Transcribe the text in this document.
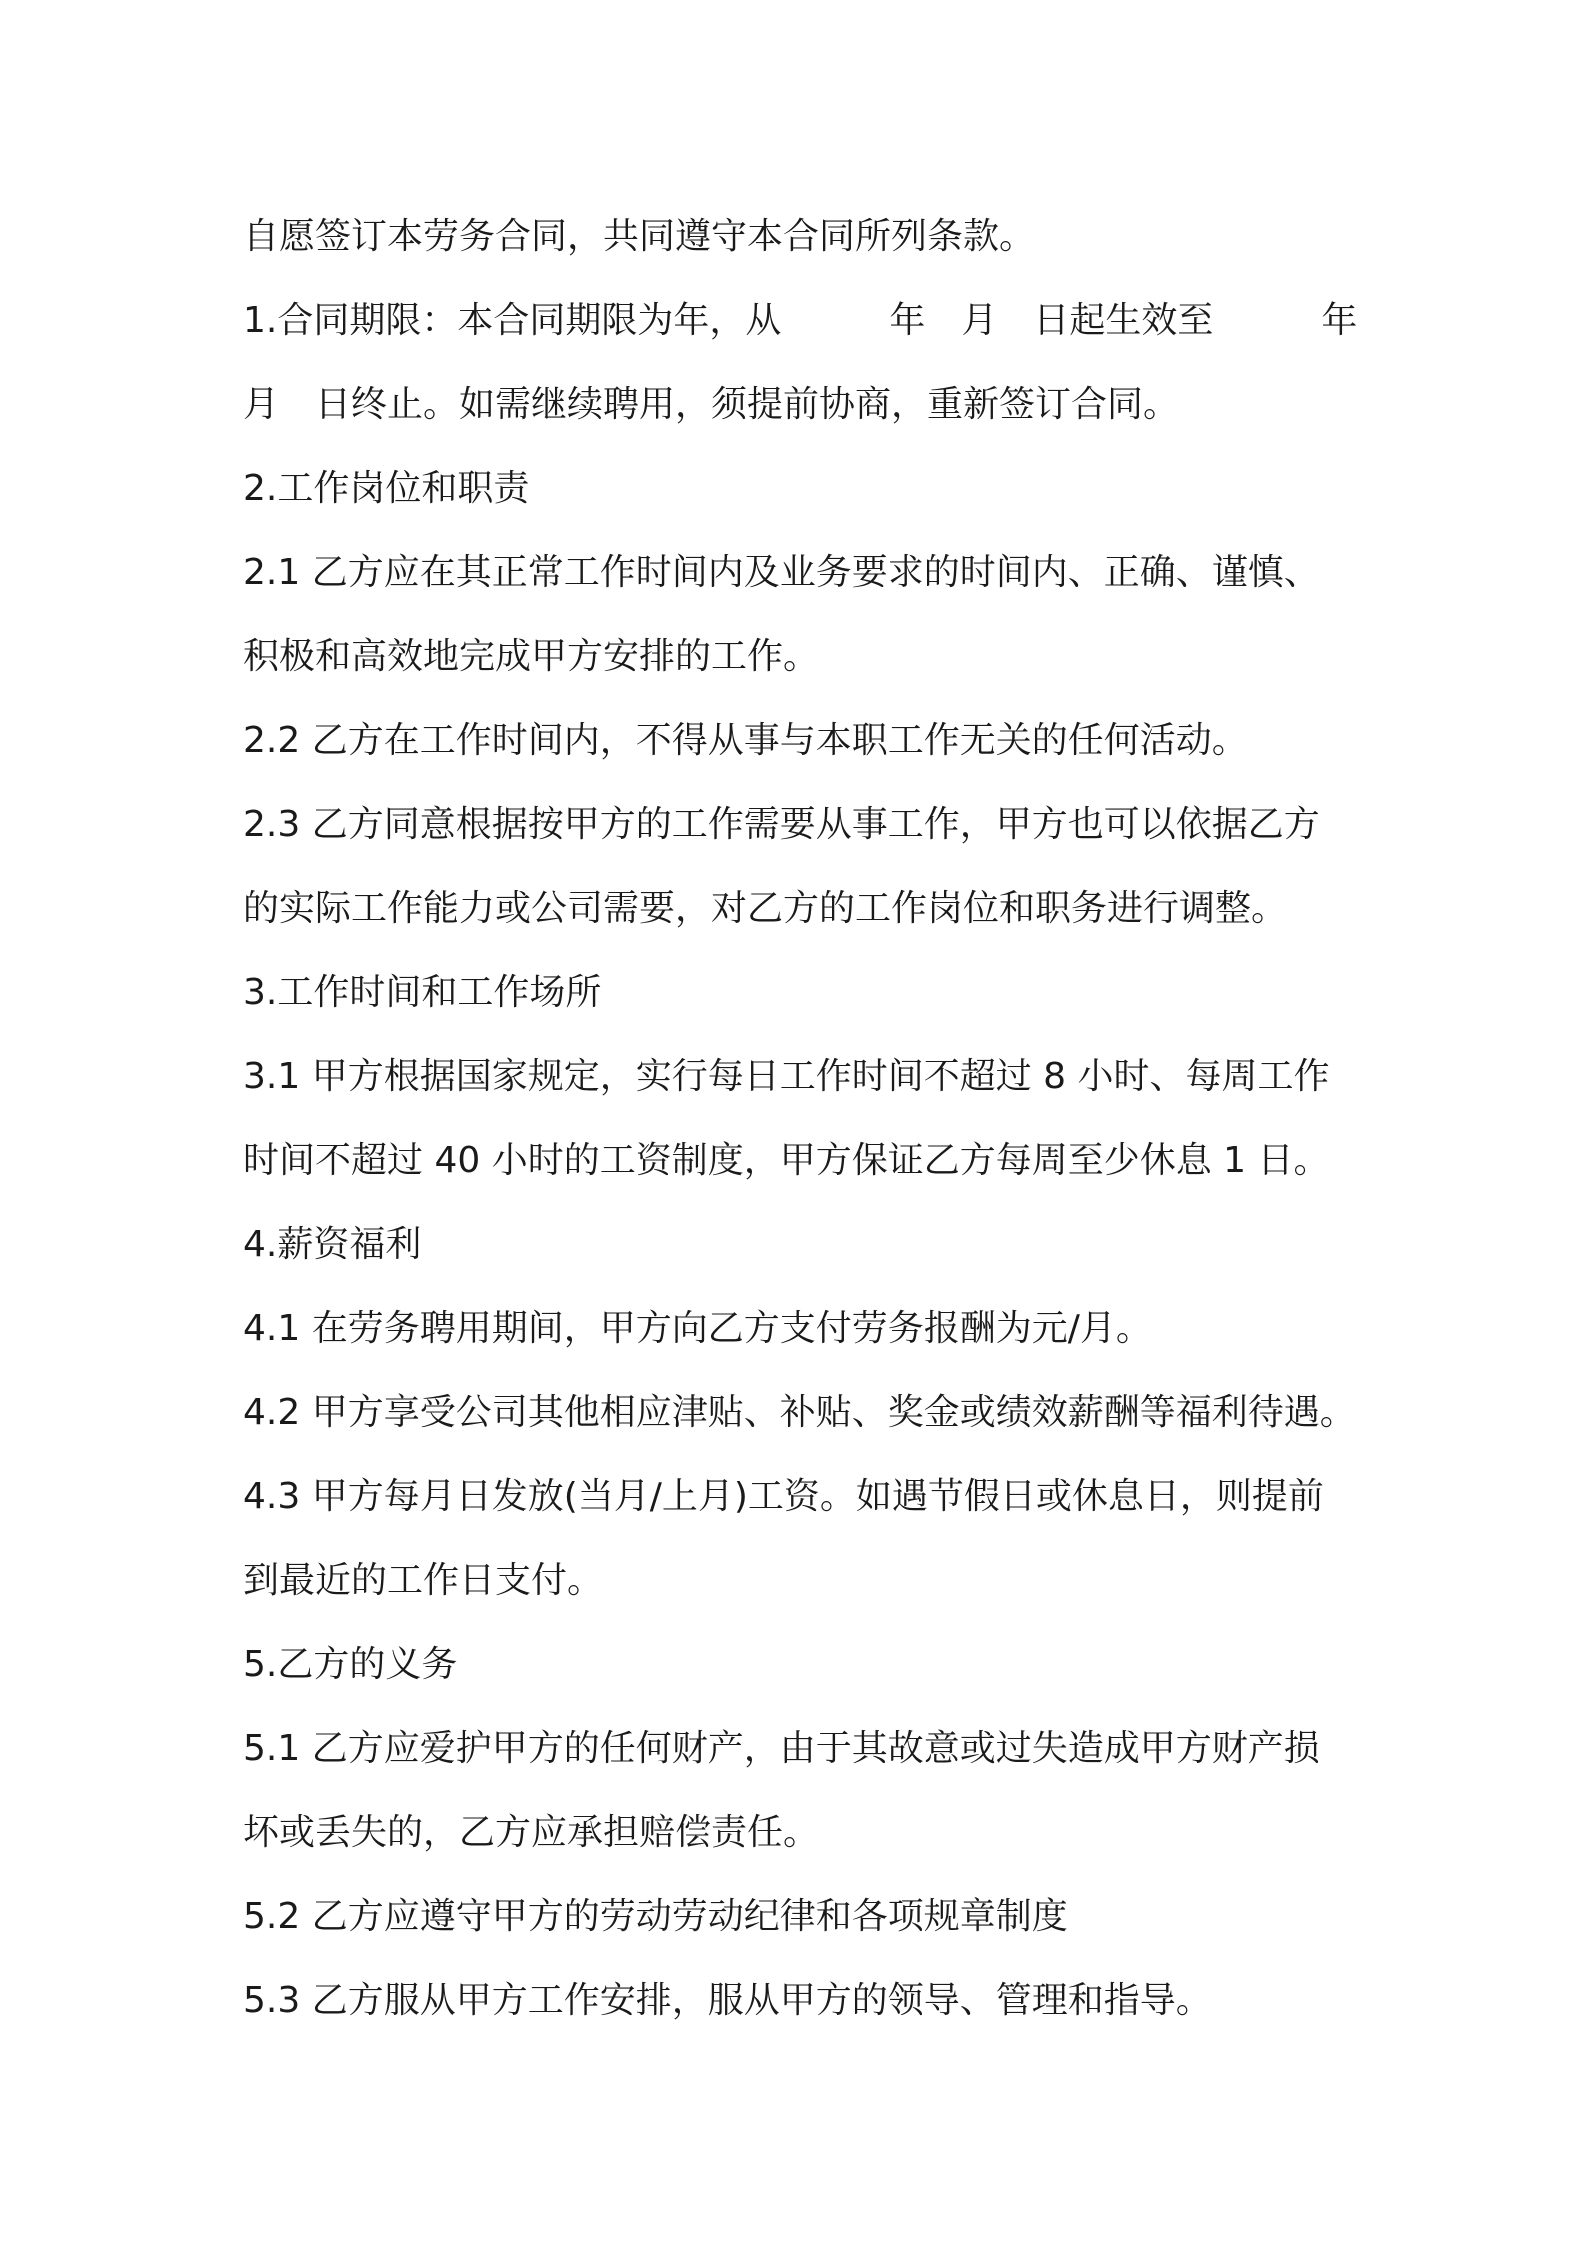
自愿签订本劳务合同，共同遵守本合同所列条款。
1.合同期限：本合同期限为年，从　　　年　月　日起生效至　　　年
月　日终止。如需继续聘用，须提前协商，重新签订合同。
2.工作岗位和职责
2.1 乙方应在其正常工作时间内及业务要求的时间内、正确、谨慎、
积极和高效地完成甲方安排的工作。
2.2 乙方在工作时间内，不得从事与本职工作无关的任何活动。
2.3 乙方同意根据按甲方的工作需要从事工作，甲方也可以依据乙方
的实际工作能力或公司需要，对乙方的工作岗位和职务进行调整。
3.工作时间和工作场所
3.1 甲方根据国家规定，实行每日工作时间不超过 8 小时、每周工作
时间不超过 40 小时的工资制度，甲方保证乙方每周至少休息 1 日。
4.薪资福利
4.1 在劳务聘用期间，甲方向乙方支付劳务报酬为元/月。
4.2 甲方享受公司其他相应津贴、补贴、奖金或绩效薪酬等福利待遇。
4.3 甲方每月日发放(当月/上月)工资。如遇节假日或休息日，则提前
到最近的工作日支付。
5.乙方的义务
5.1 乙方应爱护甲方的任何财产，由于其故意或过失造成甲方财产损
坏或丢失的，乙方应承担赔偿责任。
5.2 乙方应遵守甲方的劳动劳动纪律和各项规章制度
5.3 乙方服从甲方工作安排，服从甲方的领导、管理和指导。
